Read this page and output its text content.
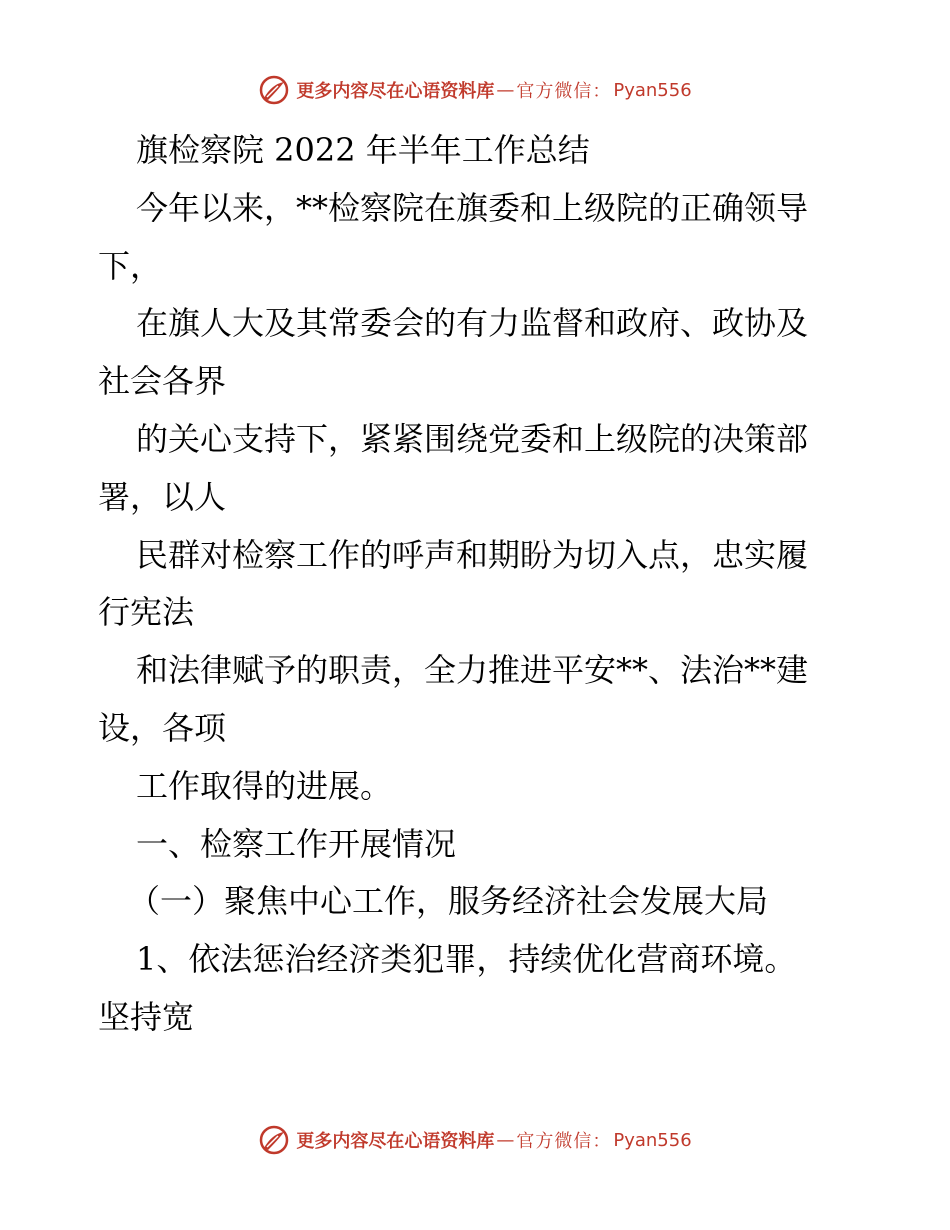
更多内容尽在心语资料库 — 官方微信： Pyan556
旗检察院 2022 年半年工作总结
今年以来，**检察院在旗委和上级院的正确领导
下，
在旗人大及其常委会的有力监督和政府、政协及
社会各界
的关心支持下，紧紧围绕党委和上级院的决策部
署，以人
民群对检察工作的呼声和期盼为切入点，忠实履
行宪法
和法律赋予的职责，全力推进平安**、法治**建
设，各项
工作取得的进展。
一、检察工作开展情况
（一）聚焦中心工作，服务经济社会发展大局
1、依法惩治经济类犯罪，持续优化营商环境。
坚持宽
更多内容尽在心语资料库 — 官方微信： Pyan556
